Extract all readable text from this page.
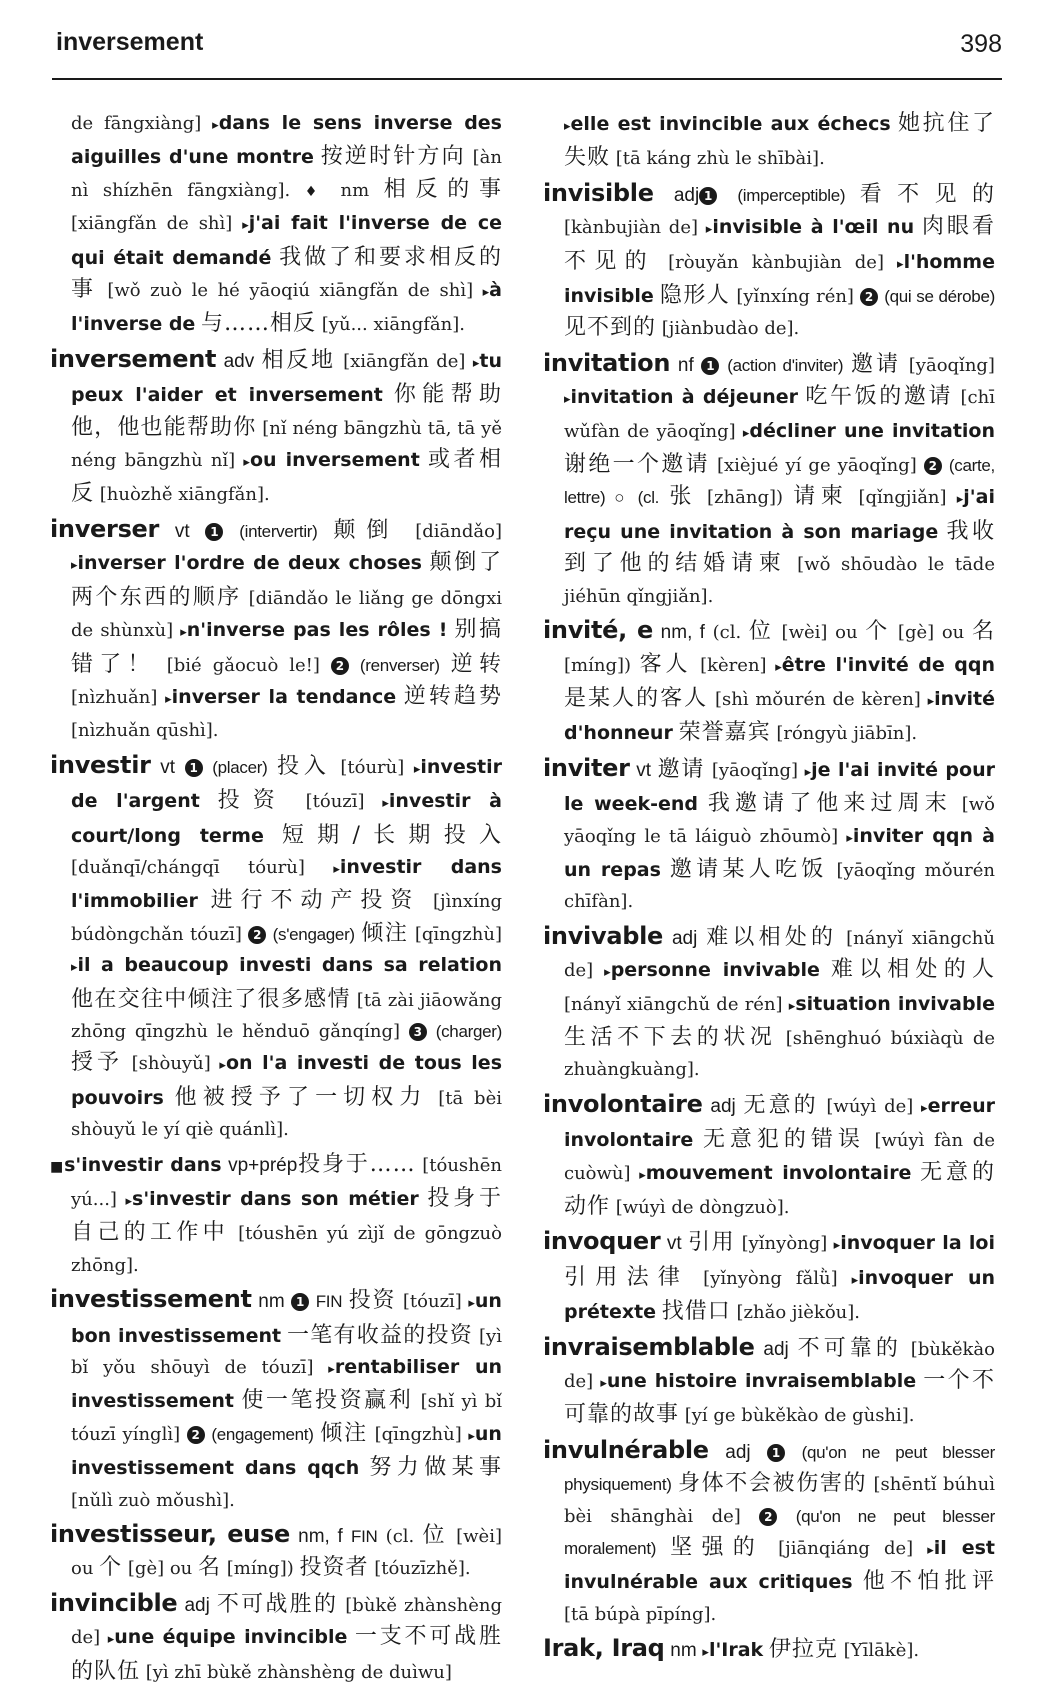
inversement	398
de fāngxiàng] ▸dans le sens inverse des aiguilles d'une montre 按逆时针方向 [àn nì shízhēn fāngxiàng]. ♦ nm 相反的事 [xiāngfǎn de shì] ▸j'ai fait l'inverse de ce qui était demandé 我做了和要求相反的事 [wǒ zuò le hé yāoqiú xiāngfǎn de shì] ▸à l'inverse de 与……相反 [yǔ... xiāngfǎn].
inversement adv 相反地 [xiāngfǎn de] ▸tu peux l'aider et inversement 你能帮助他，他也能帮助你 [nǐ néng bāngzhù tā, tā yě néng bāngzhù nǐ] ▸ou inversement 或者相反 [huòzhě xiāngfǎn].
inverser vt 1 (intervertir) 颠倒 [diāndǎo] ▸inverser l'ordre de deux choses 颠倒了两个东西的顺序 [diāndǎo le liǎng ge dōngxi de shùnxù] ▸n'inverse pas les rôles ! 别搞错了！ [bié gǎocuò le!] 2 (renverser) 逆转 [nìzhuǎn] ▸inverser la tendance 逆转趋势 [nìzhuǎn qūshì].
investir vt 1 (placer) 投入 [tóurù] ▸investir de l'argent 投资 [tóuzī] ▸investir à court/long terme 短期/长期投入 [duǎnqī/chángqī tóurù] ▸investir dans l'immobilier 进行不动产投资 [jìnxíng búdòngchǎn tóuzī] 2 (s'engager) 倾注 [qīngzhù] ▸il a beaucoup investi dans sa relation 他在交往中倾注了很多感情 [tā zài jiāowǎng zhōng qīngzhù le hěnduō gǎnqíng] 3 (charger) 授予 [shòuyǔ] ▸on l'a investi de tous les pouvoirs 他被授予了一切权力 [tā bèi shòuyǔ le yí qiè quánlì].
■s'investir dans vp+prép投身于…… [tóushēn yú...] ▸s'investir dans son métier 投身于自己的工作中 [tóushēn yú zìjǐ de gōngzuò zhōng].
investissement nm 1 FIN 投资 [tóuzī] ▸un bon investissement 一笔有收益的投资 [yì bǐ yǒu shōuyì de tóuzī] ▸rentabiliser un investissement 使一笔投资赢利 [shǐ yì bǐ tóuzī yínglì] 2 (engagement) 倾注 [qīngzhù] ▸un investissement dans qqch 努力做某事 [nǔlì zuò mǒushì].
investisseur, euse nm, f FIN (cl. 位 [wèi] ou 个 [gè] ou 名 [míng]) 投资者 [tóuzīzhě].
invincible adj 不可战胜的 [bùkě zhànshèng de] ▸une équipe invincible 一支不可战胜的队伍 [yì zhī bùkě zhànshèng de duìwu]
▸elle est invincible aux échecs 她抗住了失败 [tā káng zhù le shībài].
invisible adj 1 (imperceptible)看不见的 [kànbujiàn de] ▸invisible à l'œil nu 肉眼看不见的 [ròuyǎn kànbujiàn de] ▸l'homme invisible 隐形人 [yǐnxíng rén] 2 (qui se dérobe) 见不到的 [jiànbudào de].
invitation nf 1 (action d'inviter) 邀请 [yāoqǐng] ▸invitation à déjeuner 吃午饭的邀请 [chī wǔfàn de yāoqǐng] ▸décliner une invitation 谢绝一个邀请 [xièjué yí ge yāoqǐng] 2 (carte, lettre) ○ (cl. 张 [zhāng]) 请柬 [qǐngjiǎn] ▸j'ai reçu une invitation à son mariage 我收到了他的结婚请柬 [wǒ shōudào le tāde jiéhūn qǐngjiǎn].
invité, e nm, f (cl. 位 [wèi] ou 个 [gè] ou 名 [míng]) 客人 [kèren] ▸être l'invité de qqn 是某人的客人 [shì mǒurén de kèren] ▸invité d'honneur 荣誉嘉宾 [róngyù jiābīn].
inviter vt 邀请 [yāoqǐng] ▸je l'ai invité pour le week-end 我邀请了他来过周末 [wǒ yāoqǐng le tā láiguò zhōumò] ▸inviter qqn à un repas 邀请某人吃饭 [yāoqǐng mǒurén chīfàn].
invivable adj 难以相处的 [nányǐ xiāngchǔ de] ▸personne invivable 难以相处的人 [nányǐ xiāngchǔ de rén] ▸situation invivable 生活不下去的状况 [shēnghuó búxiàqù de zhuàngkuàng].
involontaire adj 无意的 [wúyì de] ▸erreur involontaire 无意犯的错误 [wúyì fàn de cuòwù] ▸mouvement involontaire 无意的动作 [wúyì de dòngzuò].
invoquer vt 引用 [yǐnyòng] ▸invoquer la loi 引用法律 [yǐnyòng fǎlǜ] ▸invoquer un prétexte 找借口 [zhǎo jièkǒu].
invraisemblable adj 不可靠的 [bùkěkào de] ▸une histoire invraisemblable 一个不可靠的故事 [yí ge bùkěkào de gùshi].
invulnérable adj 1 (qu'on ne peut blesser physiquement) 身体不会被伤害的 [shēntǐ búhuì bèi shānghài de] 2 (qu'on ne peut blesser moralement) 坚强的 [jiānqiáng de] ▸il est invulnérable aux critiques 他不怕批评 [tā búpà pīpíng].
Irak, Iraq nm ▸l'Irak 伊拉克 [Yīlākè].
